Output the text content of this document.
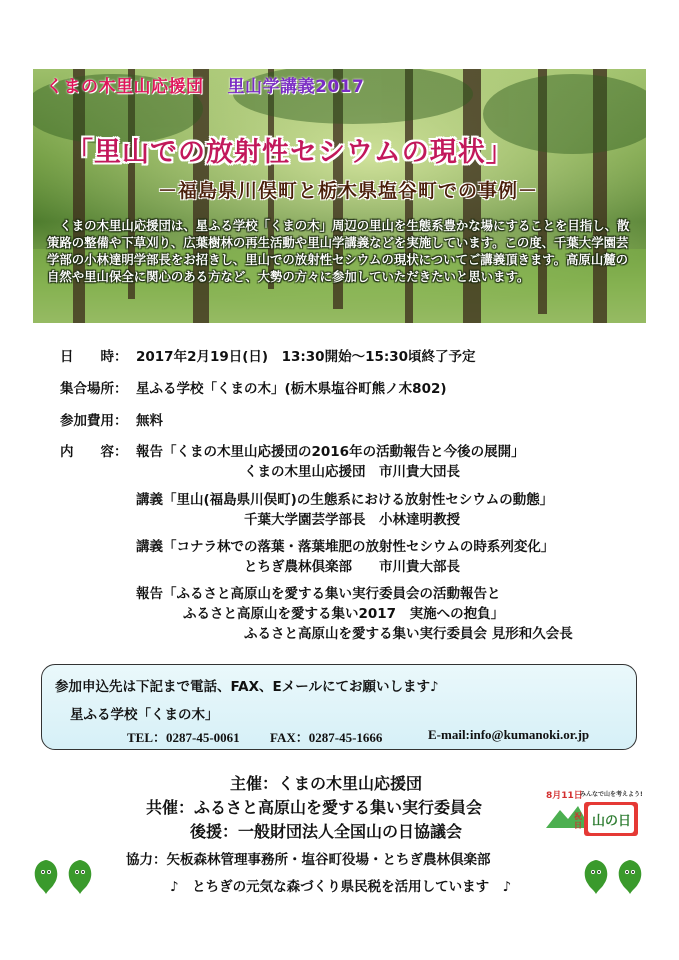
くまの木里山応援団 里山学講義2017
「里山での放射性セシウムの現状」
－福島県川俣町と栃木県塩谷町での事例－
　くまの木里山応援団は、星ふる学校「くまの木」周辺の里山を生態系豊かな場にすることを目指し、散策路の整備や下草刈り、広葉樹林の再生活動や里山学講義などを実施しています。この度、千葉大学園芸学部の小林達明学部長をお招きし、里山での放射性セシウムの現状についてご講義頂きます。高原山麓の自然や里山保全に関心のある方など、大勢の方々に参加していただきたいと思います。
日　　時： 2017年2月19日(日)　13:30開始～15:30頃終了予定
集合場所： 星ふる学校「くまの木」(栃木県塩谷町熊ノ木802)
参加費用： 無料
内　　容： 報告「くまの木里山応援団の2016年の活動報告と今後の展開」
くまの木里山応援団　市川貴大団長
講義「里山(福島県川俣町)の生態系における放射性セシウムの動態」
千葉大学園芸学部長　小林達明教授
講義「コナラ林での落葉・落葉堆肥の放射性セシウムの時系列変化」
とちぎ農林倶楽部　　市川貴大部長
報告「ふるさと高原山を愛する集い実行委員会の活動報告と
ふるさと高原山を愛する集い2017　実施への抱負」
ふるさと高原山を愛する集い実行委員会 見形和久会長
参加申込先は下記まで電話、FAX、Eメールにてお願いします♪
星ふる学校「くまの木」
TEL：0287-45-0061 FAX：0287-45-1666	E-mail:info@kumanoki.or.jp
主催：くまの木里山応援団
共催：ふるさと高原山を愛する集い実行委員会
後援：一般財団法人全国山の日協議会
協力：矢板森林管理事務所・塩谷町役場・とちぎ農林倶楽部
♪　とちぎの元気な森づくり県民税を活用しています　♪
8月11日
みんなで山を考えよう!
祝日 山の日
